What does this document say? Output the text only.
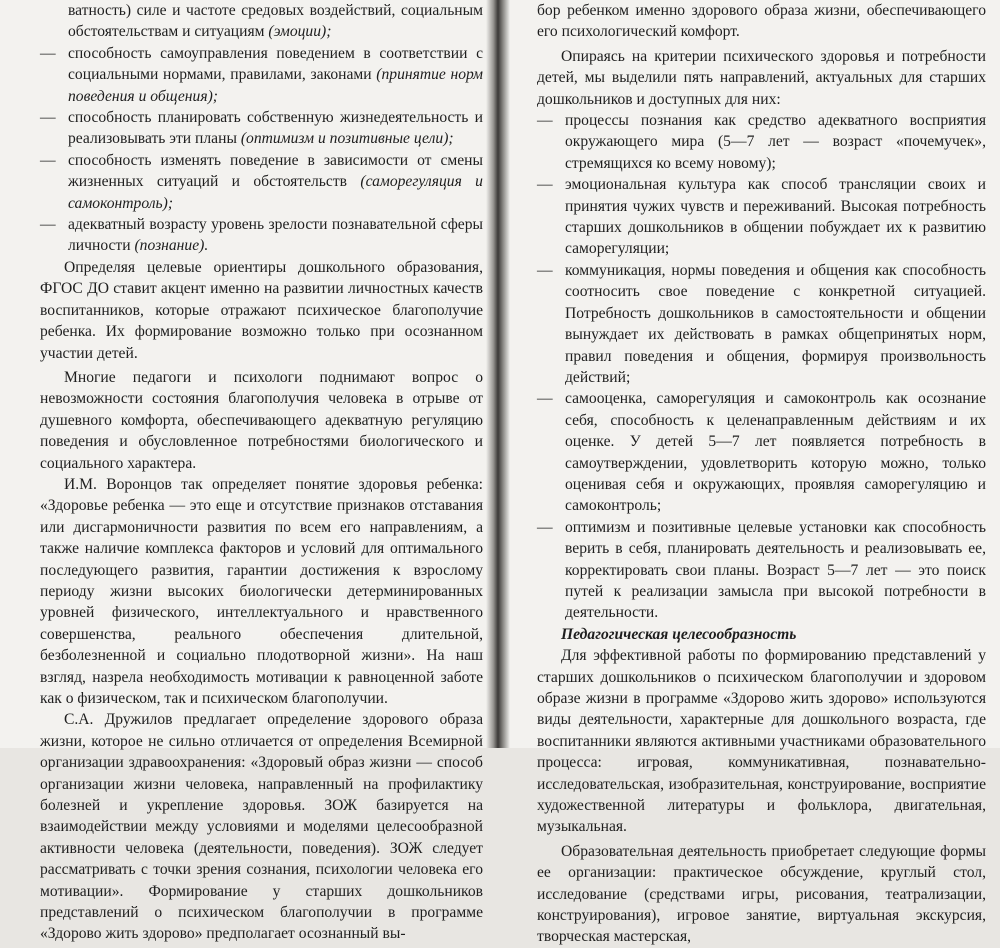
ватность) силе и частоте средовых воздействий, социальным обстоятельствам и ситуациям (эмоции);
— способность самоуправления поведением в соответствии с социальными нормами, правилами, законами (принятие норм поведения и общения);
— способность планировать собственную жизнедеятельность и реализовывать эти планы (оптимизм и позитивные цели);
— способность изменять поведение в зависимости от смены жизненных ситуаций и обстоятельств (саморегуляция и самоконтроль);
— адекватный возрасту уровень зрелости познавательной сферы личности (познание).

Определяя целевые ориентиры дошкольного образования, ФГОС ДО ставит акцент именно на развитии личностных качеств воспитанников, которые отражают психическое благополучие ребенка. Их формирование возможно только при осознанном участии детей.

Многие педагоги и психологи поднимают вопрос о невозможности состояния благополучия человека в отрыве от душевного комфорта, обеспечивающего адекватную регуляцию поведения и обусловленное потребностями биологического и социального характера.

И.М. Воронцов так определяет понятие здоровья ребенка: «Здоровье ребенка — это еще и отсутствие признаков отставания или дисгармоничности развития по всем его направлениям, а также наличие комплекса факторов и условий для оптимального последующего развития, гарантии достижения к взрослому периоду жизни высоких биологически детерминированных уровней физического, интеллектуального и нравственного совершенства, реального обеспечения длительной, безболезненной и социально плодотворной жизни». На наш взгляд, назрела необходимость мотивации к равноценной заботе как о физическом, так и психическом благополучии.

С.А. Дружилов предлагает определение здорового образа жизни, которое не сильно отличается от определения Всемирной организации здравоохранения: «Здоровый образ жизни — способ организации жизни человека, направленный на профилактику болезней и укрепление здоровья. ЗОЖ базируется на взаимодействии между условиями и моделями целесообразной активности человека (деятельности, поведения). ЗОЖ следует рассматривать с точки зрения сознания, психологии человека его мотивации». Формирование у старших дошкольников представлений о психическом благополучии в программе «Здорово жить здорово» предполагает осознанный вы-

бор ребенком именно здорового образа жизни, обеспечивающего его психологический комфорт.

Опираясь на критерии психического здоровья и потребности детей, мы выделили пять направлений, актуальных для старших дошкольников и доступных для них:

— процессы познания как средство адекватного восприятия окружающего мира (5—7 лет — возраст «почемучек», стремящихся ко всему новому);
— эмоциональная культура как способ трансляции своих и принятия чужих чувств и переживаний. Высокая потребность старших дошкольников в общении побуждает их к развитию саморегуляции;
— коммуникация, нормы поведения и общения как способность соотносить свое поведение с конкретной ситуацией. Потребность дошкольников в самостоятельности и общении вынуждает их действовать в рамках общепринятых норм, правил поведения и общения, формируя произвольность действий;
— самооценка, саморегуляция и самоконтроль как осознание себя, способность к целенаправленным действиям и их оценке. У детей 5—7 лет появляется потребность в самоутверждении, удовлетворить которую можно, только оценивая себя и окружающих, проявляя саморегуляцию и самоконтроль;
— оптимизм и позитивные целевые установки как способность верить в себя, планировать деятельность и реализовывать ее, корректировать свои планы. Возраст 5—7 лет — это поиск путей к реализации замысла при высокой потребности в деятельности.

Педагогическая целесообразность

Для эффективной работы по формированию представлений у старших дошкольников о психическом благополучии и здоровом образе жизни в программе «Здорово жить здорово» используются виды деятельности, характерные для дошкольного возраста, где воспитанники являются активными участниками образовательного процесса: игровая, коммуникативная, познавательно-исследовательская, изобразительная, конструирование, восприятие художественной литературы и фольклора, двигательная, музыкальная.

Образовательная деятельность приобретает следующие формы ее организации: практическое обсуждение, круглый стол, исследование (средствами игры, рисования, театрализации, конструирования), игровое занятие, виртуальная экскурсия, творческая мастерская,
